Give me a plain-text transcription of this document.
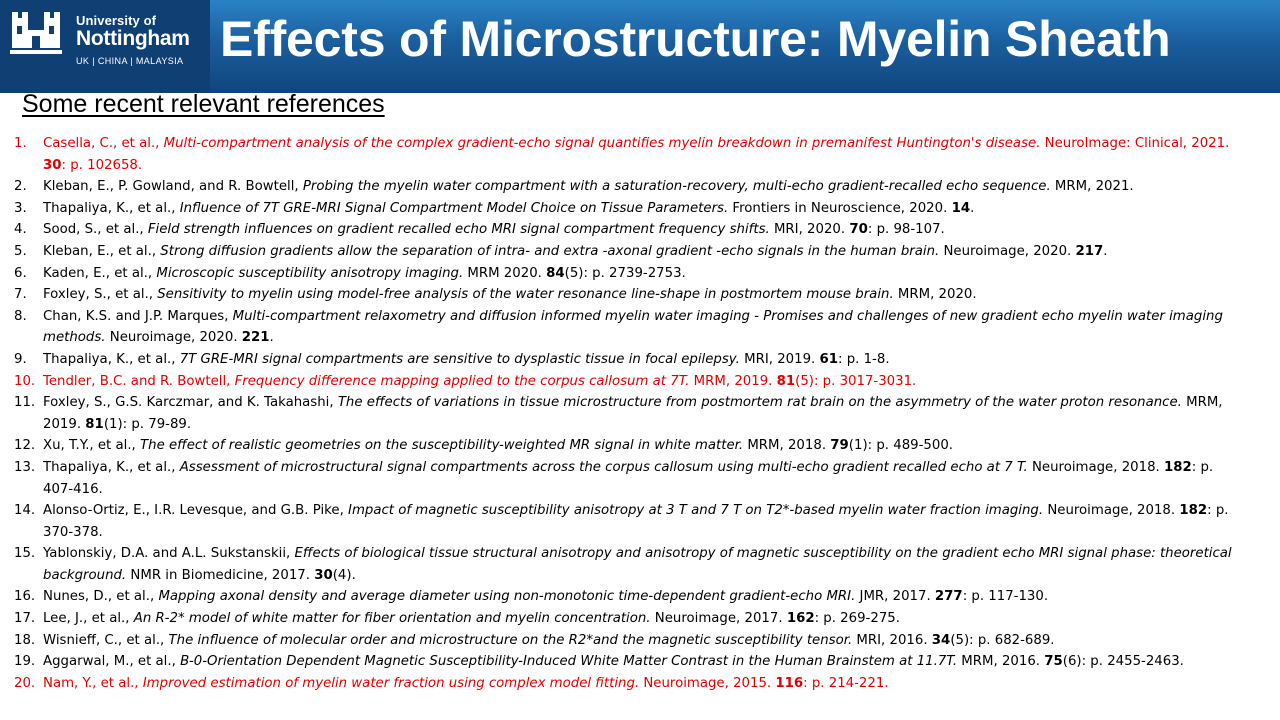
University of
Nottingham
UK | CHINA | MALAYSIA Effects of Microstructure: Myelin Sheath
Some recent relevant references
1. Casella, C., et al., Multi-compartment analysis of the complex gradient-echo signal quantifies myelin breakdown in premanifest Huntington's disease. NeuroImage: Clinical, 2021. 30: p. 102658.
2. Kleban, E., P. Gowland, and R. Bowtell, Probing the myelin water compartment with a saturation-recovery, multi-echo gradient-recalled echo sequence. MRM, 2021.
3. Thapaliya, K., et al., Influence of 7T GRE-MRI Signal Compartment Model Choice on Tissue Parameters. Frontiers in Neuroscience, 2020. 14.
4. Sood, S., et al., Field strength influences on gradient recalled echo MRI signal compartment frequency shifts. MRI, 2020. 70: p. 98-107.
5. Kleban, E., et al., Strong diffusion gradients allow the separation of intra- and extra -axonal gradient -echo signals in the human brain. Neuroimage, 2020. 217.
6. Kaden, E., et al., Microscopic susceptibility anisotropy imaging. MRM 2020. 84(5): p. 2739-2753.
7. Foxley, S., et al., Sensitivity to myelin using model-free analysis of the water resonance line-shape in postmortem mouse brain. MRM, 2020.
8. Chan, K.S. and J.P. Marques, Multi-compartment relaxometry and diffusion informed myelin water imaging - Promises and challenges of new gradient echo myelin water imaging methods. Neuroimage, 2020. 221.
9. Thapaliya, K., et al., 7T GRE-MRI signal compartments are sensitive to dysplastic tissue in focal epilepsy. MRI, 2019. 61: p. 1-8.
10. Tendler, B.C. and R. Bowtell, Frequency difference mapping applied to the corpus callosum at 7T. MRM, 2019. 81(5): p. 3017-3031.
11. Foxley, S., G.S. Karczmar, and K. Takahashi, The effects of variations in tissue microstructure from postmortem rat brain on the asymmetry of the water proton resonance. MRM, 2019. 81(1): p. 79-89.
12. Xu, T.Y., et al., The effect of realistic geometries on the susceptibility-weighted MR signal in white matter. MRM, 2018. 79(1): p. 489-500.
13. Thapaliya, K., et al., Assessment of microstructural signal compartments across the corpus callosum using multi-echo gradient recalled echo at 7 T. Neuroimage, 2018. 182: p. 407-416.
14. Alonso-Ortiz, E., I.R. Levesque, and G.B. Pike, Impact of magnetic susceptibility anisotropy at 3 T and 7 T on T2*-based myelin water fraction imaging. Neuroimage, 2018. 182: p. 370-378.
15. Yablonskiy, D.A. and A.L. Sukstanskii, Effects of biological tissue structural anisotropy and anisotropy of magnetic susceptibility on the gradient echo MRI signal phase: theoretical background. NMR in Biomedicine, 2017. 30(4).
16. Nunes, D., et al., Mapping axonal density and average diameter using non-monotonic time-dependent gradient-echo MRI. JMR, 2017. 277: p. 117-130.
17. Lee, J., et al., An R-2* model of white matter for fiber orientation and myelin concentration. Neuroimage, 2017. 162: p. 269-275.
18. Wisnieff, C., et al., The influence of molecular order and microstructure on the R2*and the magnetic susceptibility tensor. MRI, 2016. 34(5): p. 682-689.
19. Aggarwal, M., et al., B-0-Orientation Dependent Magnetic Susceptibility-Induced White Matter Contrast in the Human Brainstem at 11.7T. MRM, 2016. 75(6): p. 2455-2463.
20. Nam, Y., et al., Improved estimation of myelin water fraction using complex model fitting. Neuroimage, 2015. 116: p. 214-221.
